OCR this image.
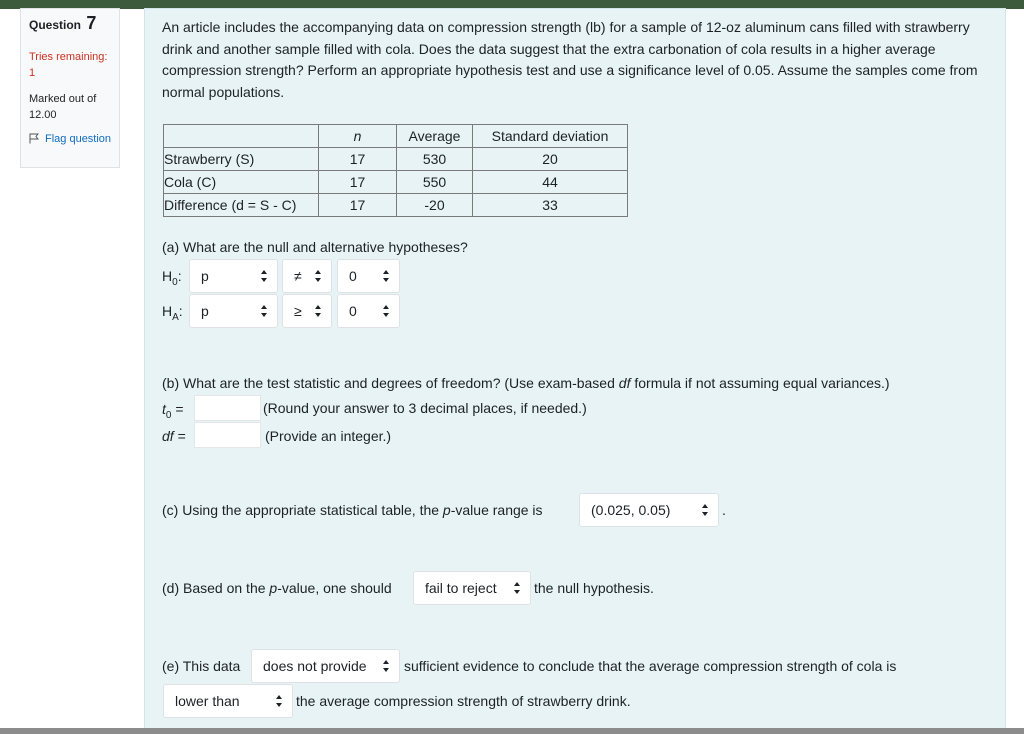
Question 7
Tries remaining:
1
Marked out of 12.00
Flag question
An article includes the accompanying data on compression strength (lb) for a sample of 12-oz aluminum cans filled with strawberry drink and another sample filled with cola. Does the data suggest that the extra carbonation of cola results in a higher average compression strength? Perform an appropriate hypothesis test and use a significance level of 0.05. Assume the samples come from normal populations.
	n	Average	Standard deviation
Strawberry (S)	17	530	20
Cola (C)	17	550	44
Difference (d = S - C)	17	-20	33
(a) What are the null and alternative hypotheses?
$H_0$: p	≠	0
$H_A$: p	≥	0
(b) What are the test statistic and degrees of freedom? (Use exam-based df formula if not assuming equal variances.)
$t_0$ =	(Round your answer to 3 decimal places, if needed.)
df =	(Provide an integer.)
(c) Using the appropriate statistical table, the p-value range is	(0.025, 0.05)	.
(d) Based on the p-value, one should fail to reject	the null hypothesis.
(e) This data does not provide	sufficient evidence to conclude that the average compression strength of cola is
lower than	the average compression strength of strawberry drink.
